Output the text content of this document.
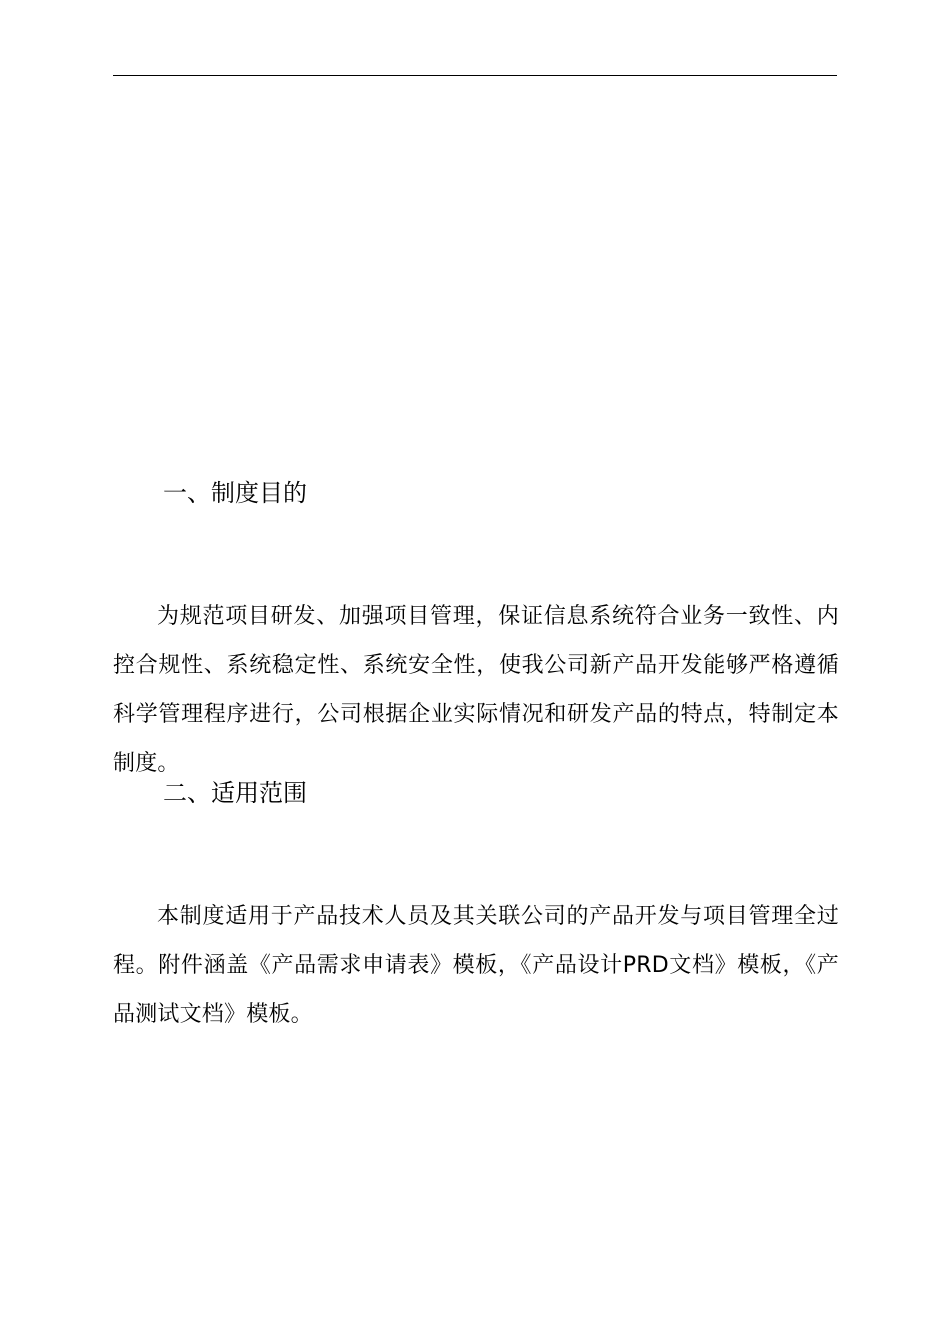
一、制度目的

为规范项目研发、加强项目管理，保证信息系统符合业务一致性、内控合规性、系统稳定性、系统安全性，使我公司新产品开发能够严格遵循科学管理程序进行，公司根据企业实际情况和研发产品的特点，特制定本制度。

二、适用范围

本制度适用于产品技术人员及其关联公司的产品开发与项目管理全过程。附件涵盖《产品需求申请表》模板，《产品设计PRD文档》模板，《产品测试文档》模板。
